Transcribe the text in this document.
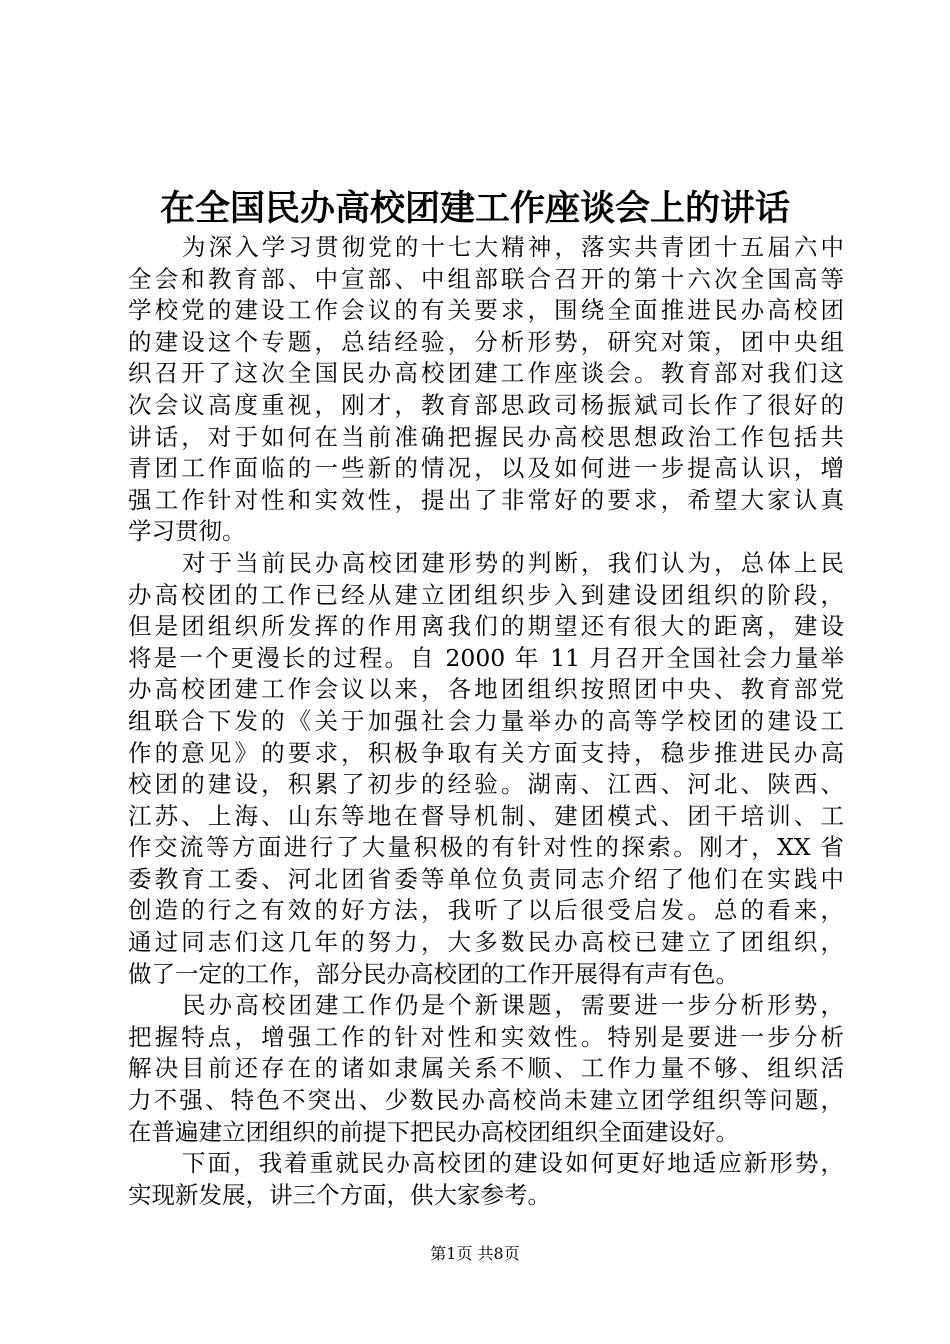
在全国民办高校团建工作座谈会上的讲话

为深入学习贯彻党的十七大精神，落实共青团十五届六中
全会和教育部、中宣部、中组部联合召开的第十六次全国高等
学校党的建设工作会议的有关要求，围绕全面推进民办高校团
的建设这个专题，总结经验，分析形势，研究对策，团中央组
织召开了这次全国民办高校团建工作座谈会。教育部对我们这
次会议高度重视，刚才，教育部思政司杨振斌司长作了很好的
讲话，对于如何在当前准确把握民办高校思想政治工作包括共
青团工作面临的一些新的情况，以及如何进一步提高认识，增
强工作针对性和实效性，提出了非常好的要求，希望大家认真
学习贯彻。

对于当前民办高校团建形势的判断，我们认为，总体上民
办高校团的工作已经从建立团组织步入到建设团组织的阶段，
但是团组织所发挥的作用离我们的期望还有很大的距离，建设
将是一个更漫长的过程。自 2000 年 11 月召开全国社会力量举
办高校团建工作会议以来，各地团组织按照团中央、教育部党
组联合下发的《关于加强社会力量举办的高等学校团的建设工
作的意见》的要求，积极争取有关方面支持，稳步推进民办高
校团的建设，积累了初步的经验。湖南、江西、河北、陕西、
江苏、上海、山东等地在督导机制、建团模式、团干培训、工
作交流等方面进行了大量积极的有针对性的探索。刚才，XX 省
委教育工委、河北团省委等单位负责同志介绍了他们在实践中
创造的行之有效的好方法，我听了以后很受启发。总的看来，
通过同志们这几年的努力，大多数民办高校已建立了团组织，
做了一定的工作，部分民办高校团的工作开展得有声有色。

民办高校团建工作仍是个新课题，需要进一步分析形势，
把握特点，增强工作的针对性和实效性。特别是要进一步分析
解决目前还存在的诸如隶属关系不顺、工作力量不够、组织活
力不强、特色不突出、少数民办高校尚未建立团学组织等问题，
在普遍建立团组织的前提下把民办高校团组织全面建设好。

下面，我着重就民办高校团的建设如何更好地适应新形势，
实现新发展，讲三个方面，供大家参考。

第1页 共8页
